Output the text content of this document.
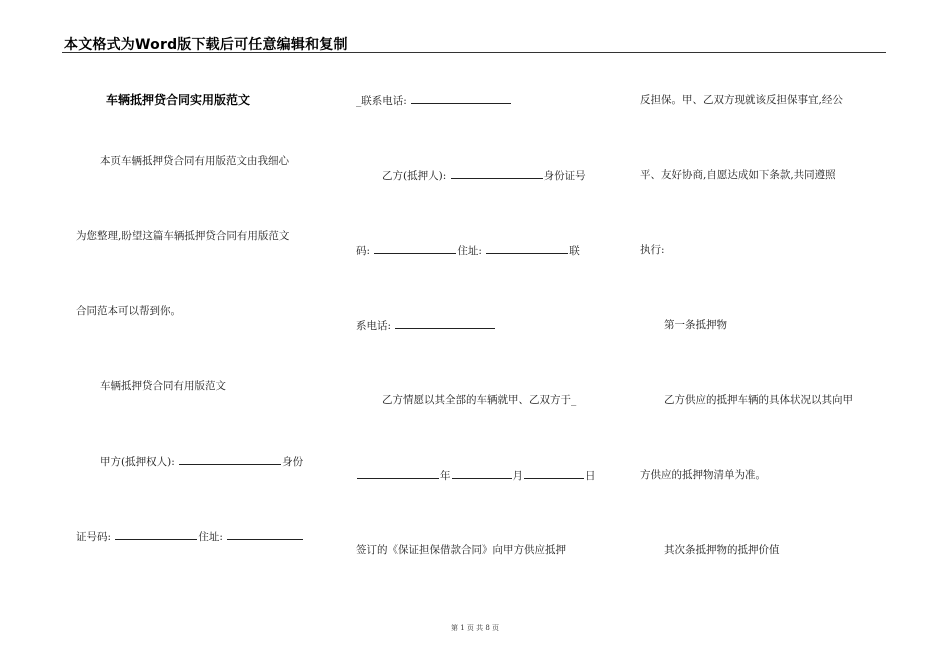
本文格式为Word版下载后可任意编辑和复制
车辆抵押贷合同实用版范文
本页车辆抵押贷合同有用版范文由我细心
为您整理,盼望这篇车辆抵押贷合同有用版范文
合同范本可以帮到你。
车辆抵押贷合同有用版范文
甲方(抵押权人):	身份
证号码:	住址:
_联系电话:
乙方(抵押人):	身份证号
码:	住址:	联
系电话:
乙方情愿以其全部的车辆就甲、乙双方于_
年	月	日
签订的《保证担保借款合同》向甲方供应抵押
反担保。甲、乙双方现就该反担保事宜,经公
平、友好协商,自愿达成如下条款,共同遵照
执行:
第一条抵押物
乙方供应的抵押车辆的具体状况以其向甲
方供应的抵押物清单为准。
其次条抵押物的抵押价值
第 1 页 共 8 页
